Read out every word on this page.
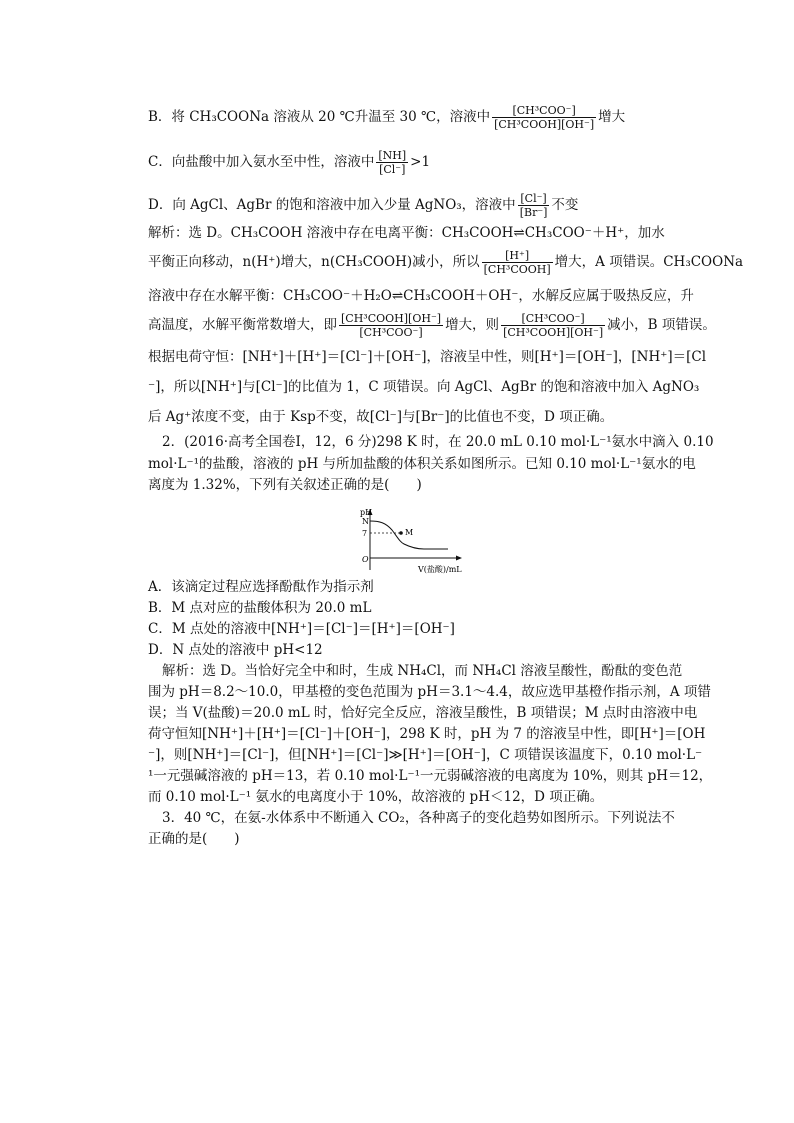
B．将 CH₃COONa 溶液从 20 ℃升温至 30 ℃，溶液中 $\frac{\text{[CH³COO⁻]}}{\text{[CH³COOH][OH⁻]}}$ 增大
C．向盐酸中加入氨水至中性，溶液中 $\frac{[NH]}{[Cl^-]} >1$
D．向 AgCl、AgBr 的饱和溶液中加入少量 AgNO₃，溶液中 $\frac{[Cl^-]}{[Br^-]}$ 不变
解析：选 D。CH₃COOH 溶液中存在电离平衡：CH₃COOH⇌CH₃COO⁻＋H⁺，加水
平衡正向移动，n(H⁺)增大，n(CH₃COOH)减小，所以 $\frac{[H^+]}{\text{[CH³COOH]}}$ 增大，A 项错误。CH₃COONa
溶液中存在水解平衡：CH₃COO⁻＋H₂O⇌CH₃COOH＋OH⁻，水解反应属于吸热反应，升
高温度，水解平衡常数增大，即 $\frac{\text{[CH³COOH][OH⁻]}}{\text{[CH³COO⁻]}}$ 增大，则 $\frac{\text{[CH³COO⁻]}}{\text{[CH³COOH][OH⁻]}}$ 减小，B 项错误。
根据电荷守恒：[NH⁺]＋[H⁺]＝[Cl⁻]＋[OH⁻]，溶液呈中性，则[H⁺]＝[OH⁻]，[NH⁺]＝[Cl
⁻]，所以[NH⁺]与[Cl⁻]的比值为 1，C 项错误。向 AgCl、AgBr 的饱和溶液中加入 AgNO₃
后 Ag⁺浓度不变，由于 Ksp不变，故[Cl⁻]与[Br⁻]的比值也不变，D 项正确。
2．(2016·高考全国卷Ⅰ，12，6 分)298 K 时，在 20.0 mL 0.10 mol·L⁻¹氨水中滴入 0.10
mol·L⁻¹的盐酸，溶液的 pH 与所加盐酸的体积关系如图所示。已知 0.10 mol·L⁻¹氨水的电
离度为 1.32%，下列有关叙述正确的是(　　)
pH
N
7	M
O
V(盐酸)/mL
A．该滴定过程应选择酚酞作为指示剂
B．M 点对应的盐酸体积为 20.0 mL
C．M 点处的溶液中[NH⁺]＝[Cl⁻]＝[H⁺]＝[OH⁻]
D．N 点处的溶液中 pH<12
解析：选 D。当恰好完全中和时，生成 NH₄Cl，而 NH₄Cl 溶液呈酸性，酚酞的变色范
围为 pH＝8.2～10.0，甲基橙的变色范围为 pH＝3.1～4.4，故应选甲基橙作指示剂，A 项错
误；当 V(盐酸)＝20.0 mL 时，恰好完全反应，溶液呈酸性，B 项错误；M 点时由溶液中电
荷守恒知[NH⁺]＋[H⁺]＝[Cl⁻]＋[OH⁻]，298 K 时，pH 为 7 的溶液呈中性，即[H⁺]＝[OH
⁻]，则[NH⁺]＝[Cl⁻]，但[NH⁺]＝[Cl⁻]≫[H⁺]＝[OH⁻]，C 项错误该温度下，0.10 mol·L⁻
¹一元强碱溶液的 pH＝13，若 0.10 mol·L⁻¹一元弱碱溶液的电离度为 10%，则其 pH＝12，
而 0.10 mol·L⁻¹ 氨水的电离度小于 10%，故溶液的 pH＜12，D 项正确。
3．40 ℃，在氨-水体系中不断通入 CO₂，各种离子的变化趋势如图所示。下列说法不
正确的是(　　)
